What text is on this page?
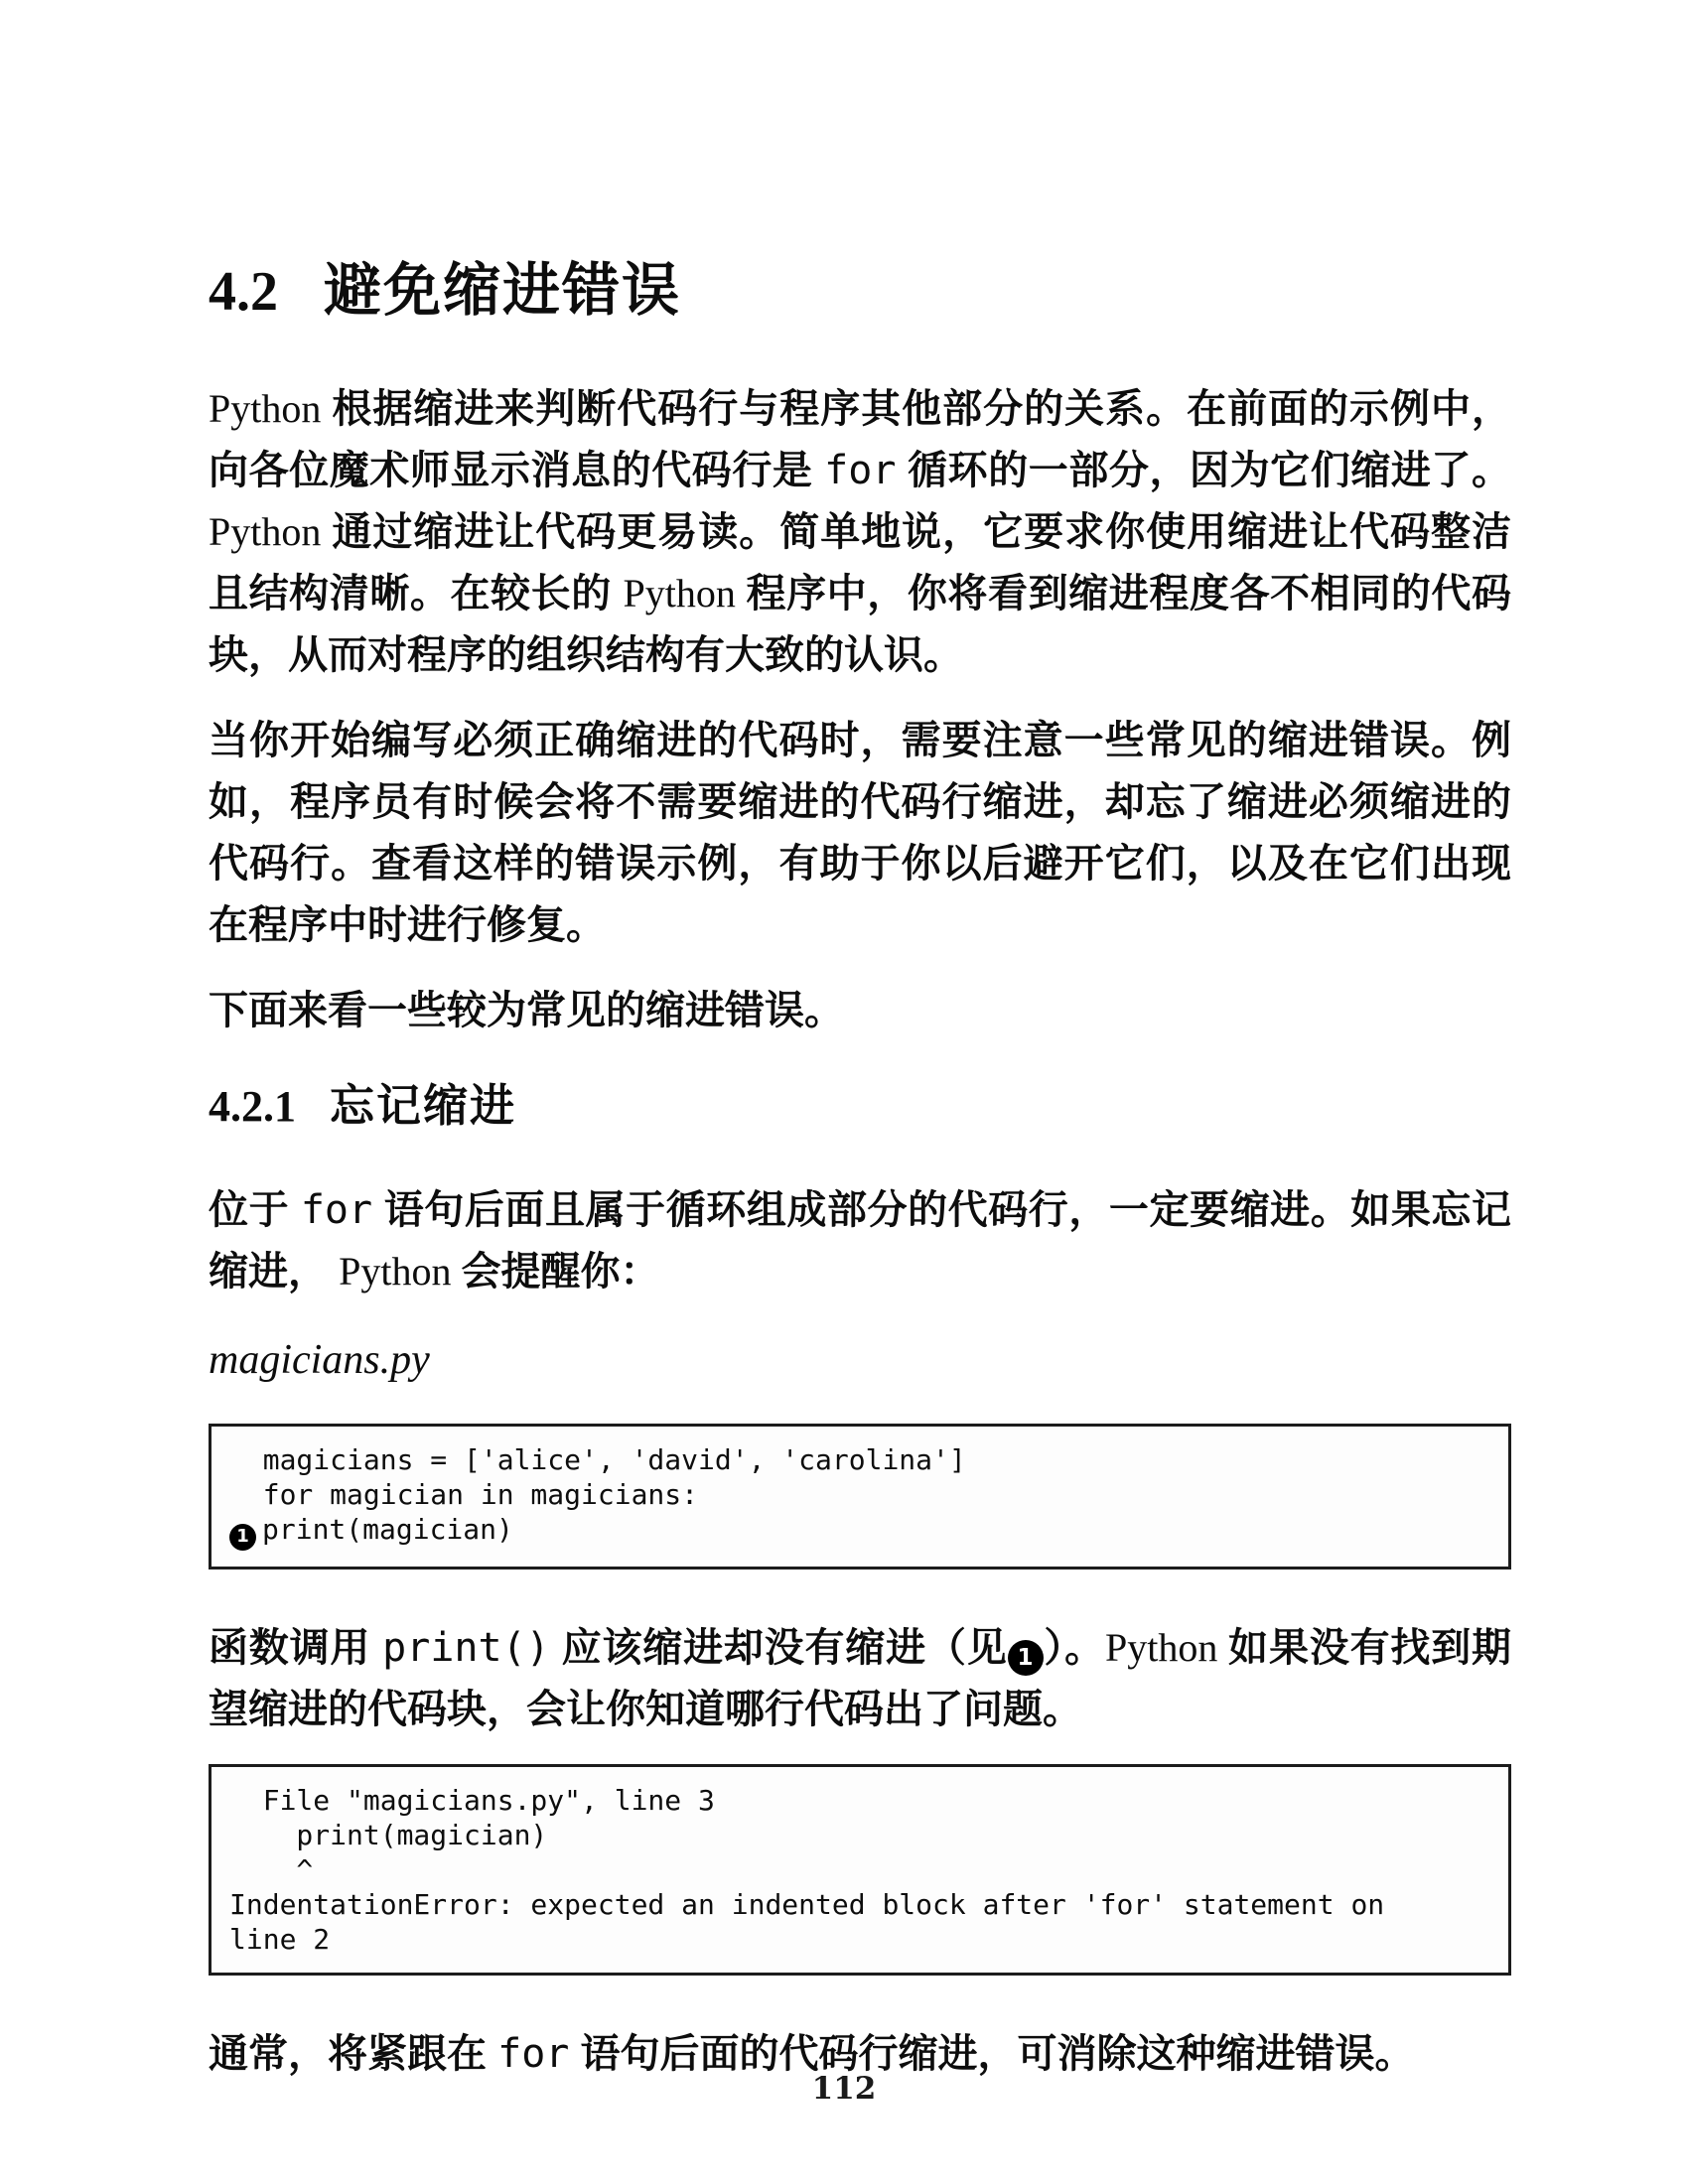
4.2 避免缩进错误

Python 根据缩进来判断代码行与程序其他部分的关系。在前面的示例中，向各位魔术师显示消息的代码行是 for 循环的一部分，因为它们缩进了。Python 通过缩进让代码更易读。简单地说，它要求你使用缩进让代码整洁且结构清晰。在较长的 Python 程序中，你将看到缩进程度各不相同的代码块，从而对程序的组织结构有大致的认识。

当你开始编写必须正确缩进的代码时，需要注意一些常见的缩进错误。例如，程序员有时候会将不需要缩进的代码行缩进，却忘了缩进必须缩进的代码行。查看这样的错误示例，有助于你以后避开它们，以及在它们出现在程序中时进行修复。

下面来看一些较为常见的缩进错误。

4.2.1 忘记缩进

位于 for 语句后面且属于循环组成部分的代码行，一定要缩进。如果忘记缩进， Python 会提醒你：

magicians.py
magicians = ['alice', 'david', 'carolina']
for magician in magicians:
1 print(magician)

函数调用 print() 应该缩进却没有缩进（见 1 ）。Python 如果没有找到期望缩进的代码块，会让你知道哪行代码出了问题。

File "magicians.py", line 3
print(magician)
^
IndentationError: expected an indented block after 'for' statement on
line 2

通常，将紧跟在 for 语句后面的代码行缩进，可消除这种缩进错误。

112
